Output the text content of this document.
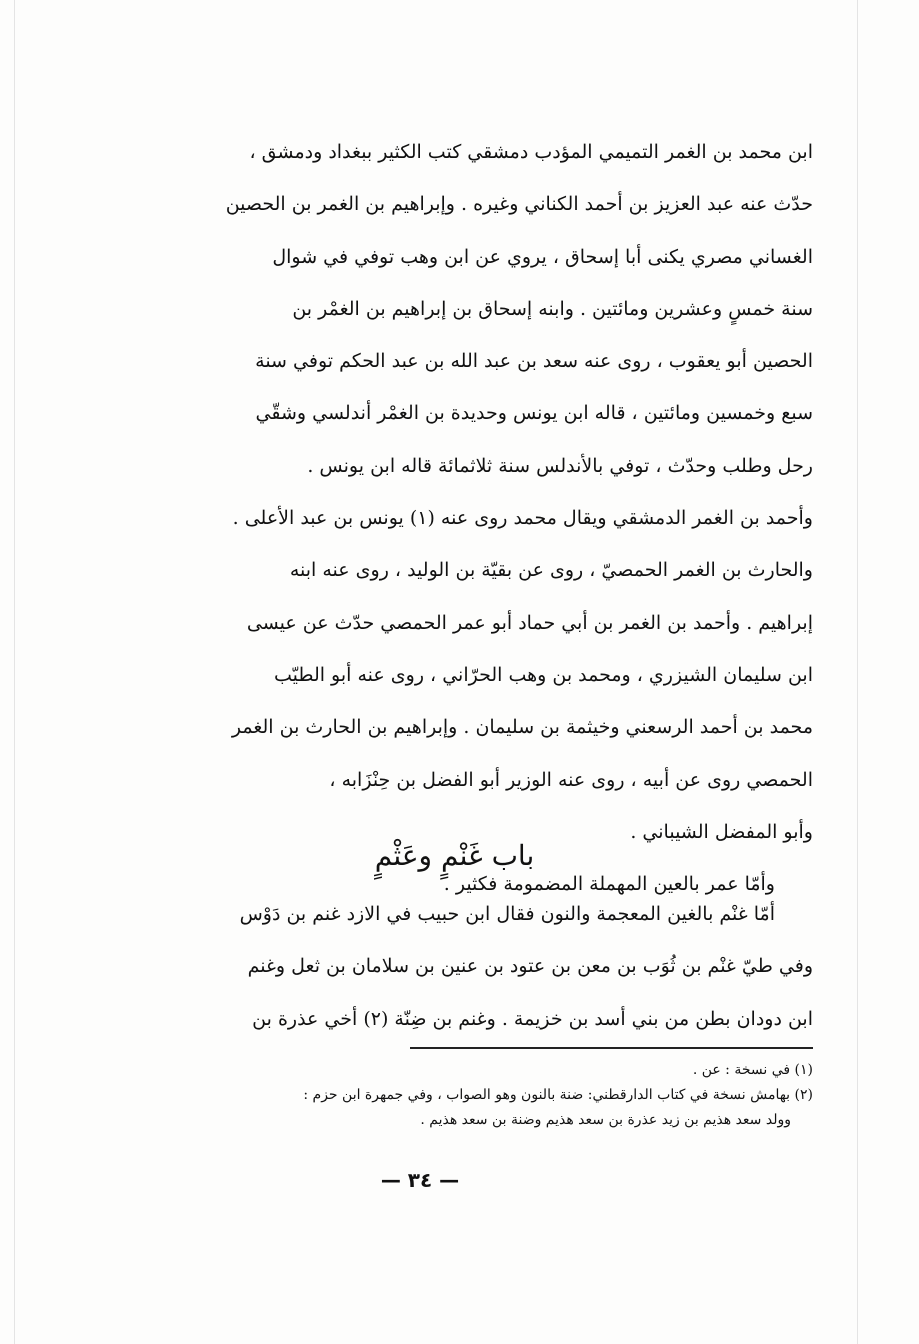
ابن محمد بن الغمر التميمي المؤدب دمشقي كتب الكثير ببغداد ودمشق ،
حدّث عنه عبد العزيز بن أحمد الكناني وغيره . وإبراهيم بن الغمر بن الحصين
الغساني مصري يكنى أبا إسحاق ، يروي عن ابن وهب توفي في شوال
سنة خمسٍ وعشرين ومائتين . وابنه إسحاق بن إبراهيم بن الغمْر بن
الحصين أبو يعقوب ، روى عنه سعد بن عبد الله بن عبد الحكم توفي سنة
سبع وخمسين ومائتين ، قاله ابن يونس وحديدة بن الغمْر أندلسي وشقّي
رحل وطلب وحدّث ، توفي بالأندلس سنة ثلاثمائة قاله ابن يونس .
وأحمد بن الغمر الدمشقي ويقال محمد روى عنه (١) يونس بن عبد الأعلى .
والحارث بن الغمر الحمصيّ ، روى عن بقيّة بن الوليد ، روى عنه ابنه
إبراهيم . وأحمد بن الغمر بن أبي حماد أبو عمر الحمصي حدّث عن عيسى
ابن سليمان الشيزري ، ومحمد بن وهب الحرّاني ، روى عنه أبو الطيّب
محمد بن أحمد الرسعني وخيثمة بن سليمان . وإبراهيم بن الحارث بن الغمر
الحمصي روى عن أبيه ، روى عنه الوزير أبو الفضل بن حِنْزَابه ،
وأبو المفضل الشيباني .
وأمّا عمر بالعين المهملة المضمومة فكثير .
باب غَنْمٍ وعَثْمٍ
أمّا غنْم بالغين المعجمة والنون فقال ابن حبيب في الازد غنم بن دَوْس
وفي طيّ غنْم بن ثُوَب بن معن بن عتود بن عنين بن سلامان بن ثعل وغنم
ابن دودان بطن من بني أسد بن خزيمة . وغنم بن ضِنّة (٢) أخي عذرة بن
(١) في نسخة : عن .
(٢) بهامش نسخة في كتاب الدارقطني: ضنة بالنون وهو الصواب ، وفي جمهرة ابن حزم :
وولد سعد هذيم بن زيد عذرة بن سعد هذيم وضنة بن سعد هذيم .
— ٣٤ —
